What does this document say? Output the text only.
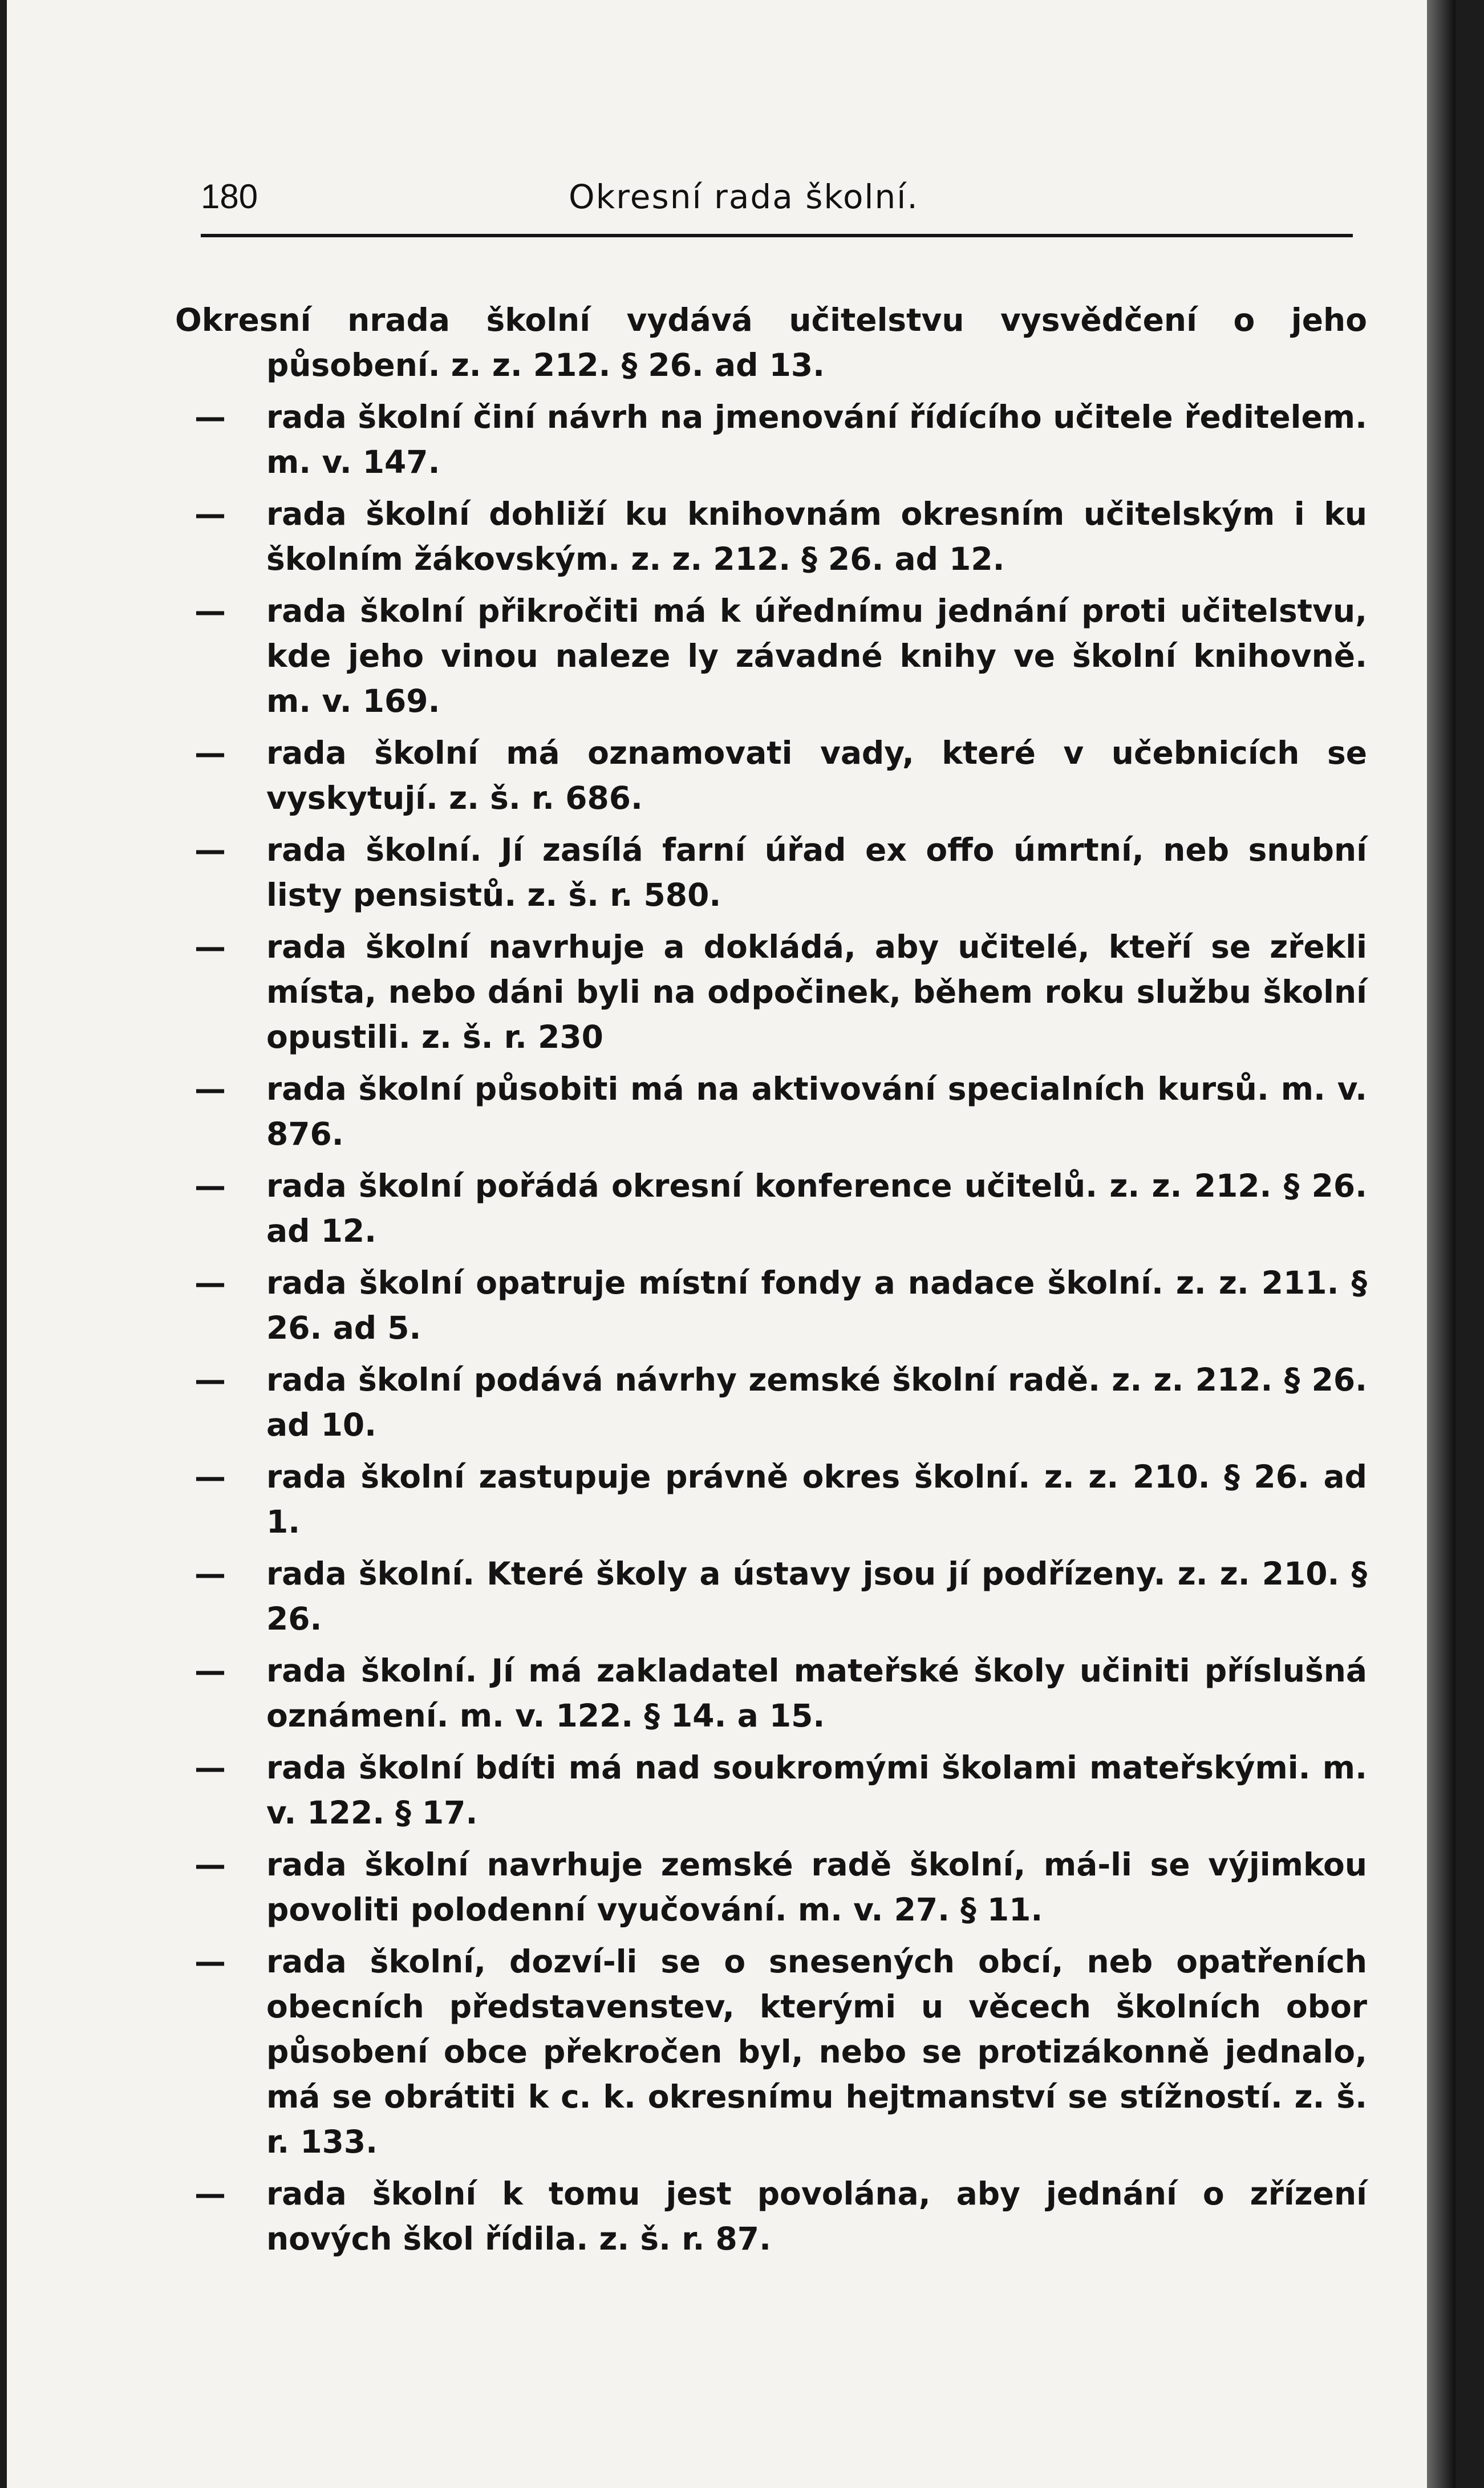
180	Okresní rada školní.
Okresní nrada školní vydává učitelstvu vysvědčení o jeho působení. z. z. 212. § 26. ad 13.
—	rada školní činí návrh na jmenování řídícího učitele ředitelem. m. v. 147.
—	rada školní dohliží ku knihovnám okresním učitelským i ku školním žákovským. z. z. 212. § 26. ad 12.
—	rada školní přikročiti má k úřednímu jednání proti učitelstvu, kde jeho vinou naleze ly závadné knihy ve školní knihovně. m. v. 169.
—	rada školní má oznamovati vady, které v učebnicích se vyskytují. z. š. r. 686.
—	rada školní. Jí zasílá farní úřad ex offo úmrtní, neb snubní listy pensistů. z. š. r. 580.
—	rada školní navrhuje a dokládá, aby učitelé, kteří se zřekli místa, nebo dáni byli na odpočinek, během roku službu školní opustili. z. š. r. 230
—	rada školní působiti má na aktivování specialních kursů. m. v. 876.
—	rada školní pořádá okresní konference učitelů. z. z. 212. § 26. ad 12.
—	rada školní opatruje místní fondy a nadace školní. z. z. 211. § 26. ad 5.
—	rada školní podává návrhy zemské školní radě. z. z. 212. § 26. ad 10.
—	rada školní zastupuje právně okres školní. z. z. 210. § 26. ad 1.
—	rada školní. Které školy a ústavy jsou jí podřízeny. z. z. 210. § 26.
—	rada školní. Jí má zakladatel mateřské školy učiniti příslušná oznámení. m. v. 122. § 14. a 15.
—	rada školní bdíti má nad soukromými školami mateřskými. m. v. 122. § 17.
—	rada školní navrhuje zemské radě školní, má-li se výjimkou povoliti polodenní vyučování. m. v. 27. § 11.
—	rada školní, dozví-li se o snesených obcí, neb opatřeních obecních představenstev, kterými u věcech školních obor působení obce překročen byl, nebo se protizákonně jednalo, má se obrátiti k c. k. okresnímu hejtmanství se stížností. z. š. r. 133.
—	rada školní k tomu jest povolána, aby jednání o zřízení nových škol řídila. z. š. r. 87.
